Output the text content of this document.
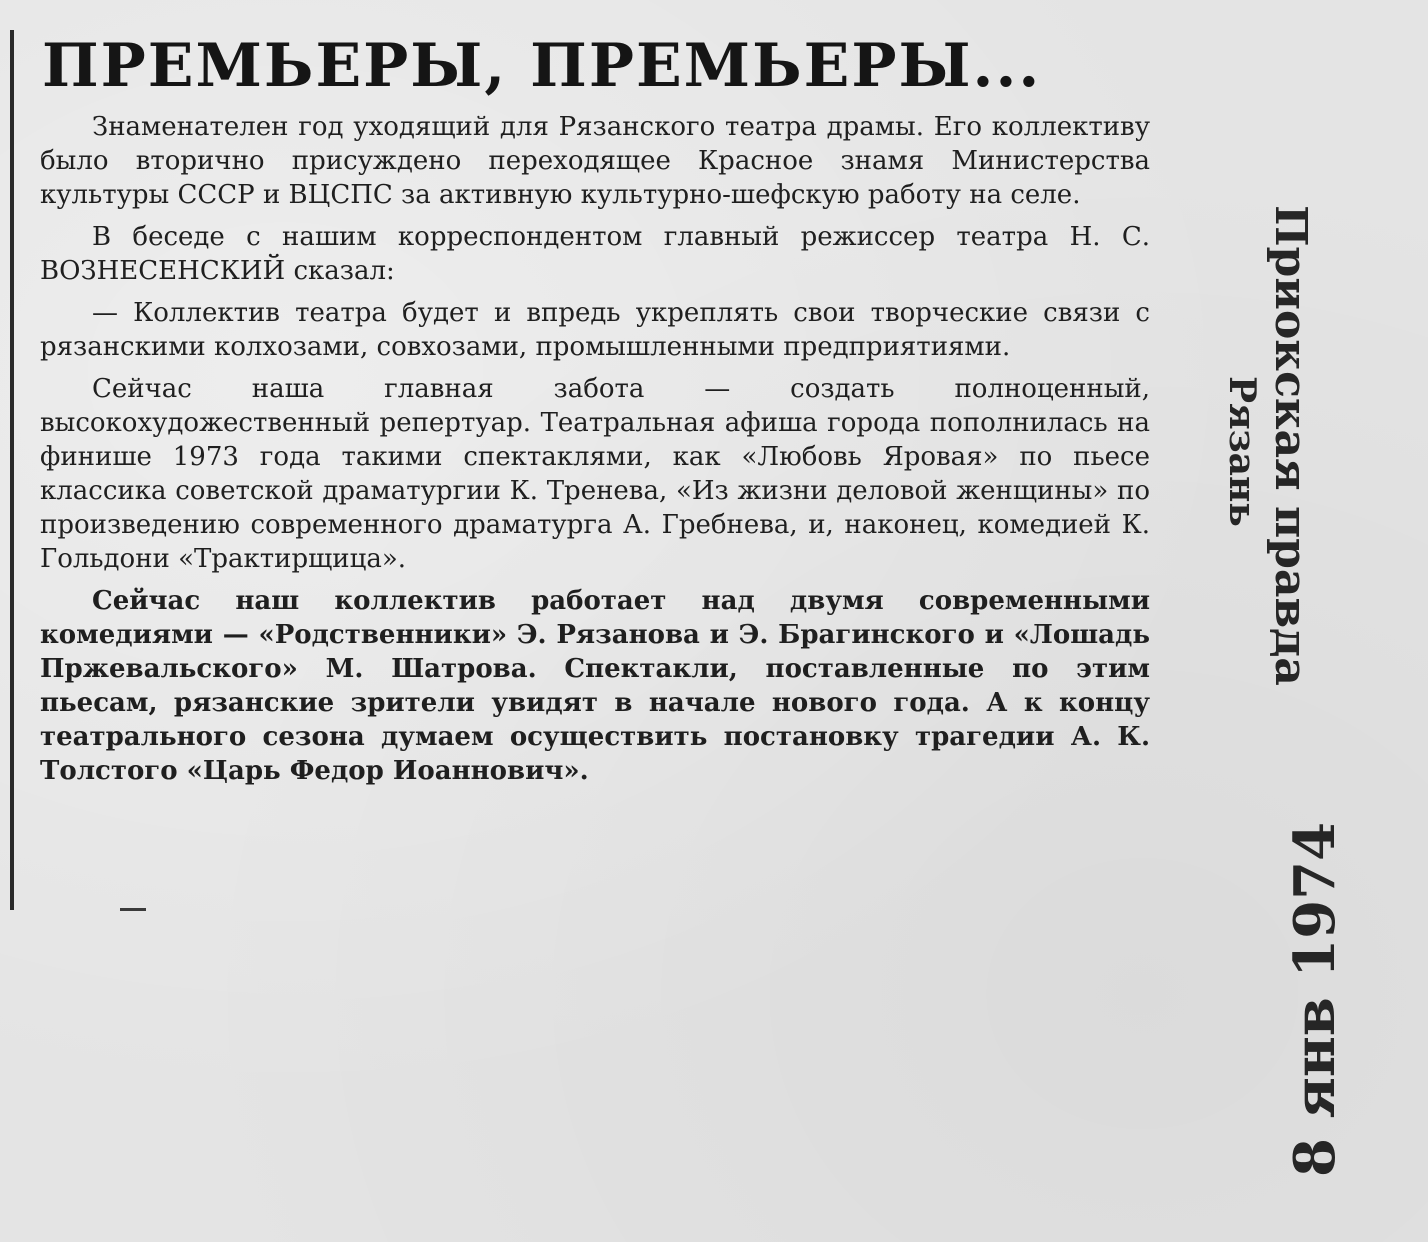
ПРЕМЬЕРЫ, ПРЕМЬЕРЫ...

Знаменателен год уходящий для Рязанского театра драмы. Его коллективу было вторично присуждено переходящее Красное знамя Министерства культуры СССР и ВЦСПС за активную культурно-шефскую работу на селе.

В беседе с нашим корреспондентом главный режиссер театра Н. С. ВОЗНЕСЕНСКИЙ сказал:

— Коллектив театра будет и впредь укреплять свои творческие связи с рязанскими колхозами, совхозами, промышленными предприятиями.

Сейчас наша главная забота — создать полноценный, высокохудожественный репертуар. Театральная афиша города пополнилась на финише 1973 года такими спектаклями, как «Любовь Яровая» по пьесе классика советской драматургии К. Тренева, «Из жизни деловой женщины» по произведению современного драматурга А. Гребнева, и, наконец, комедией К. Гольдони «Трактирщица».

Сейчас наш коллектив работает над двумя современными комедиями — «Родственники» Э. Рязанова и Э. Брагинского и «Лошадь Пржевальского» М. Шатрова. Спектакли, поставленные по этим пьесам, рязанские зрители увидят в начале нового года. А к концу театрального сезона думаем осуществить постановку трагедии А. К. Толстого «Царь Федор Иоаннович».

Приокская правда
Рязань
8 янв 1974
